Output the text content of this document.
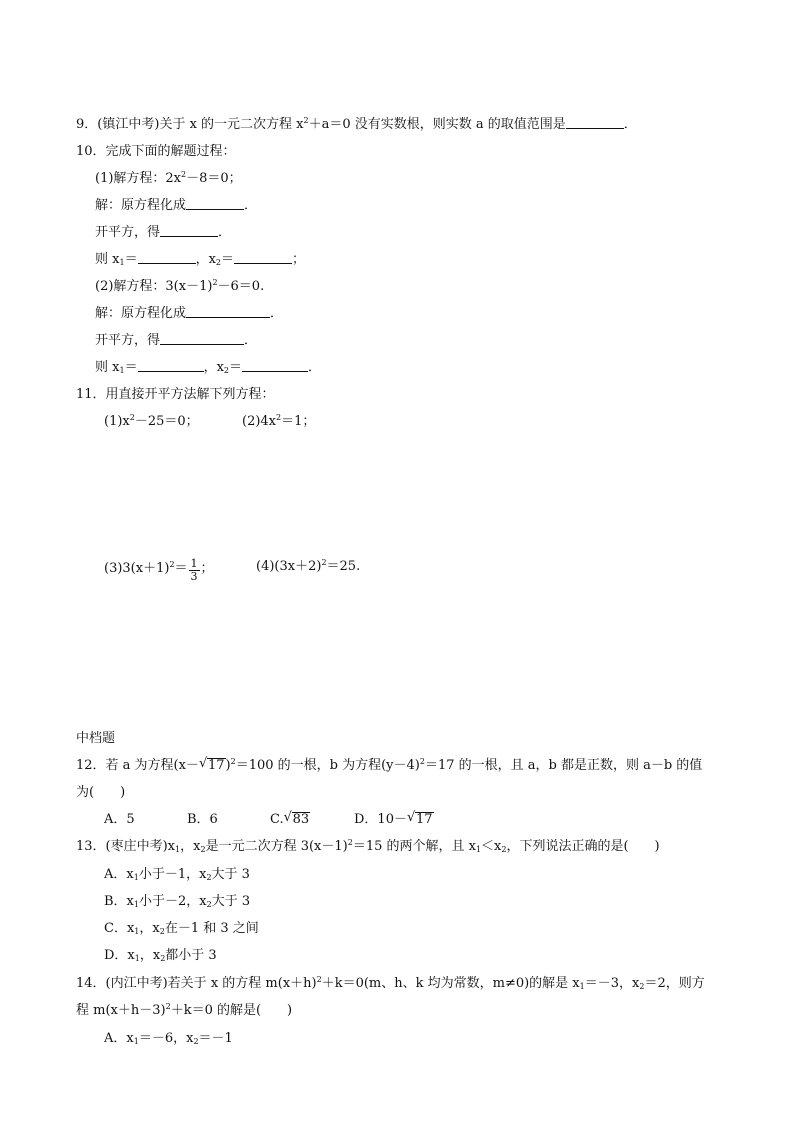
9．(镇江中考)关于 x 的一元二次方程 $x^2+a=0$ 没有实数根，则实数 a 的取值范围是	．
10．完成下面的解题过程：
(1)解方程：$2x^2-8=0$；
解：原方程化成	．
开平方，得	．
则 $x_1=$	，$x_2=$	；
(2)解方程：$3(x-1)^2-6=0$.
解：原方程化成	．
开平方，得	．
则 $x_1=$	，$x_2=$	．
11．用直接开平方法解下列方程：
$(1)x^2-25=0$；	$(2)4x^2=1$；
$(3)3(x+1)^2= \frac{1}{3}$ ；	$(4)(3x+2)^2=25$.
中档题
12．若 a 为方程(x－ √ 17)$^2$＝100 的一根，b 为方程$(y-4)^2=17$ 的一根，且 a，b 都是正数，则 a－b 的值
为(　　)
A．5	B．6	C. √ 83	D．10－ √ 17
13．(枣庄中考)$x_1$，$x_2$是一元二次方程 $3(x-1)^2=15$ 的两个解，且 $x_1<x_2$，下列说法正确的是(　　)
A．$x_1$小于－1，$x_2$大于 3
B．$x_1$小于－2，$x_2$大于 3
C．$x_1$，$x_2$在－1 和 3 之间
D．$x_1$，$x_2$都小于 3
14．(内江中考)若关于 x 的方程 $m(x+h)^2+k=0(m$、h、k 均为常数，m≠0)的解是 $x_1=-3$，$x_2=2$，则方
程 $m(x+h-3)^2+k=0$ 的解是(　　)
A．$x_1=-6$，$x_2=-1$
